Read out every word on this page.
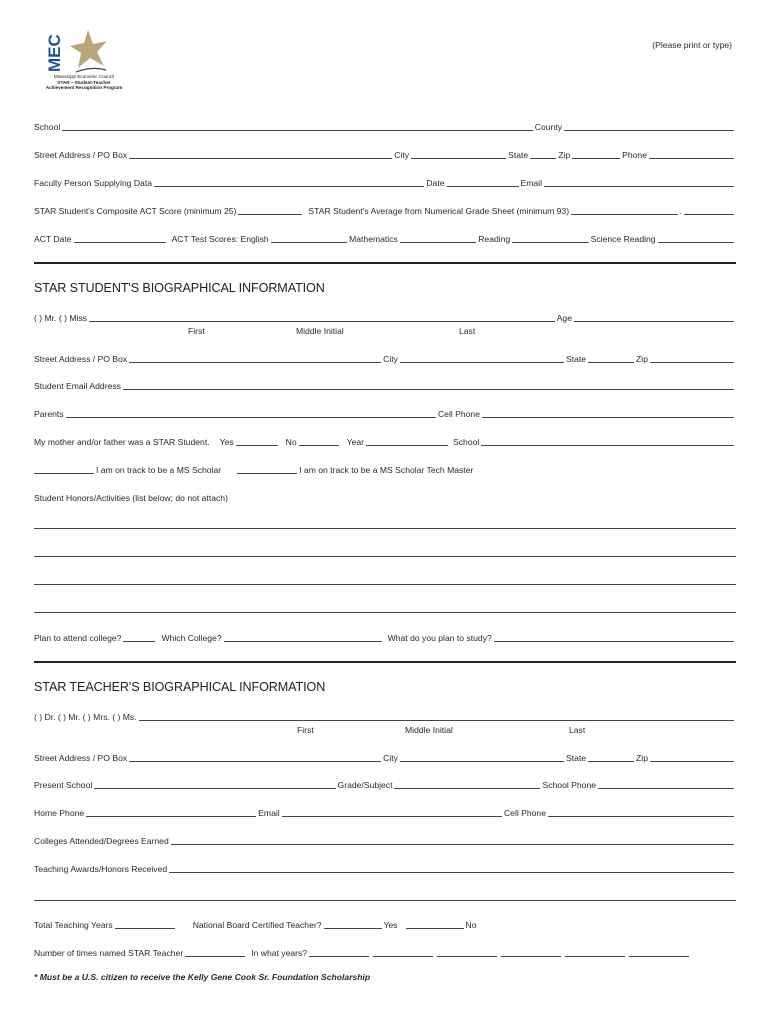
(Please print or type)
MEC
Mississippi Economic Council
STAR – Student-Teacher
Achievement Recognition Program
School	County
Street Address / PO Box	City	State	Zip	Phone
Faculty Person Supplying Data	Date	Email
STAR Student's Composite ACT Score (minimum 25)	STAR Student's Average from Numerical Grade Sheet (minimum 93)	.
ACT Date	ACT Test Scores: English	Mathematics	Reading	Science Reading
STAR STUDENT'S BIOGRAPHICAL INFORMATION
( ) Mr. ( ) Miss	Age
First	Middle Initial	Last
Street Address / PO Box	City	State	Zip
Student Email Address
Parents	Cell Phone
My mother and/or father was a STAR Student. Yes	No	Year	School
I am on track to be a MS Scholar	I am on track to be a MS Scholar Tech Master
Student Honors/Activities (list below; do not attach)
Plan to attend college?	Which College?	What do you plan to study?
STAR TEACHER'S BIOGRAPHICAL INFORMATION
( ) Dr. ( ) Mr. ( ) Mrs. ( ) Ms.
First	Middle Initial	Last
Street Address / PO Box	City	State	Zip
Present School	Grade/Subject	School Phone
Home Phone	Email	Cell Phone
Colleges Attended/Degrees Earned
Teaching Awards/Honors Received
Total Teaching Years	National Board Certified Teacher?	Yes	No
Number of times named STAR Teacher	In what years?
* Must be a U.S. citizen to receive the Kelly Gene Cook Sr. Foundation Scholarship
